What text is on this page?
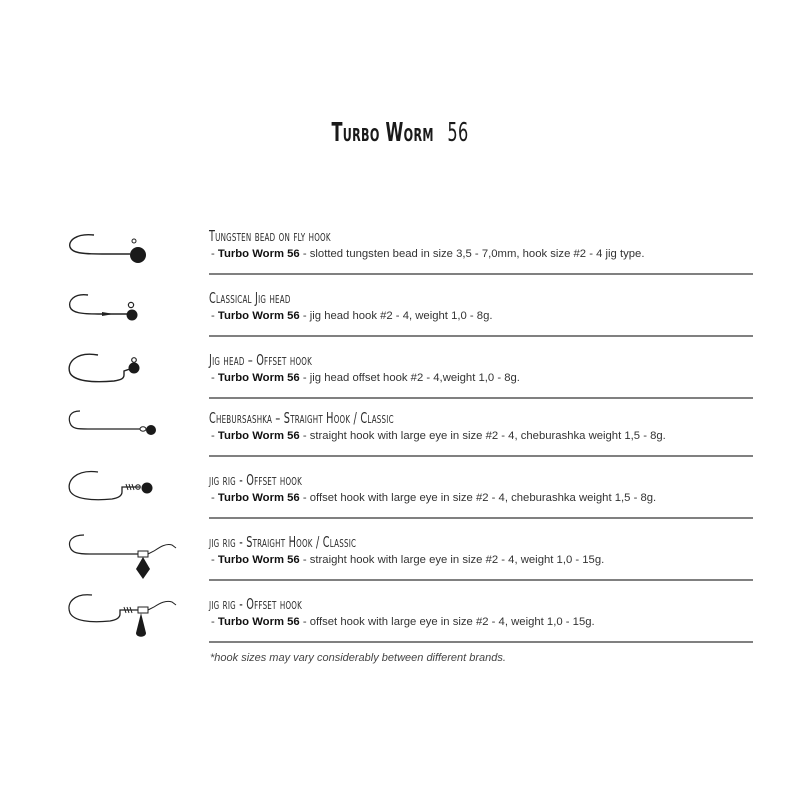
Turbo Worm 56
Tungsten bead on fly hook
- Turbo Worm 56 - slotted tungsten bead in size 3,5 - 7,0mm, hook size #2 - 4 jig type.
Classical Jig head
- Turbo Worm 56 - jig head hook #2 - 4, weight 1,0 - 8g.
Jig head – Offset hook
- Turbo Worm 56 - jig head offset hook #2 - 4,weight 1,0 - 8g.
Chebursashka – Straight Hook / Classic
- Turbo Worm 56 - straight hook with large eye in size #2 - 4, cheburashka weight 1,5 - 8g.
jig rig - Offset hook
- Turbo Worm 56 - offset hook with large eye in size #2 - 4, cheburashka weight 1,5 - 8g.
jig rig - Straight Hook / Classic
- Turbo Worm 56 - straight hook with large eye in size #2 - 4, weight 1,0 - 15g.
jig rig - Offset hook
- Turbo Worm 56 - offset hook with large eye in size #2 - 4, weight 1,0 - 15g.
*hook sizes may vary considerably between different brands.
